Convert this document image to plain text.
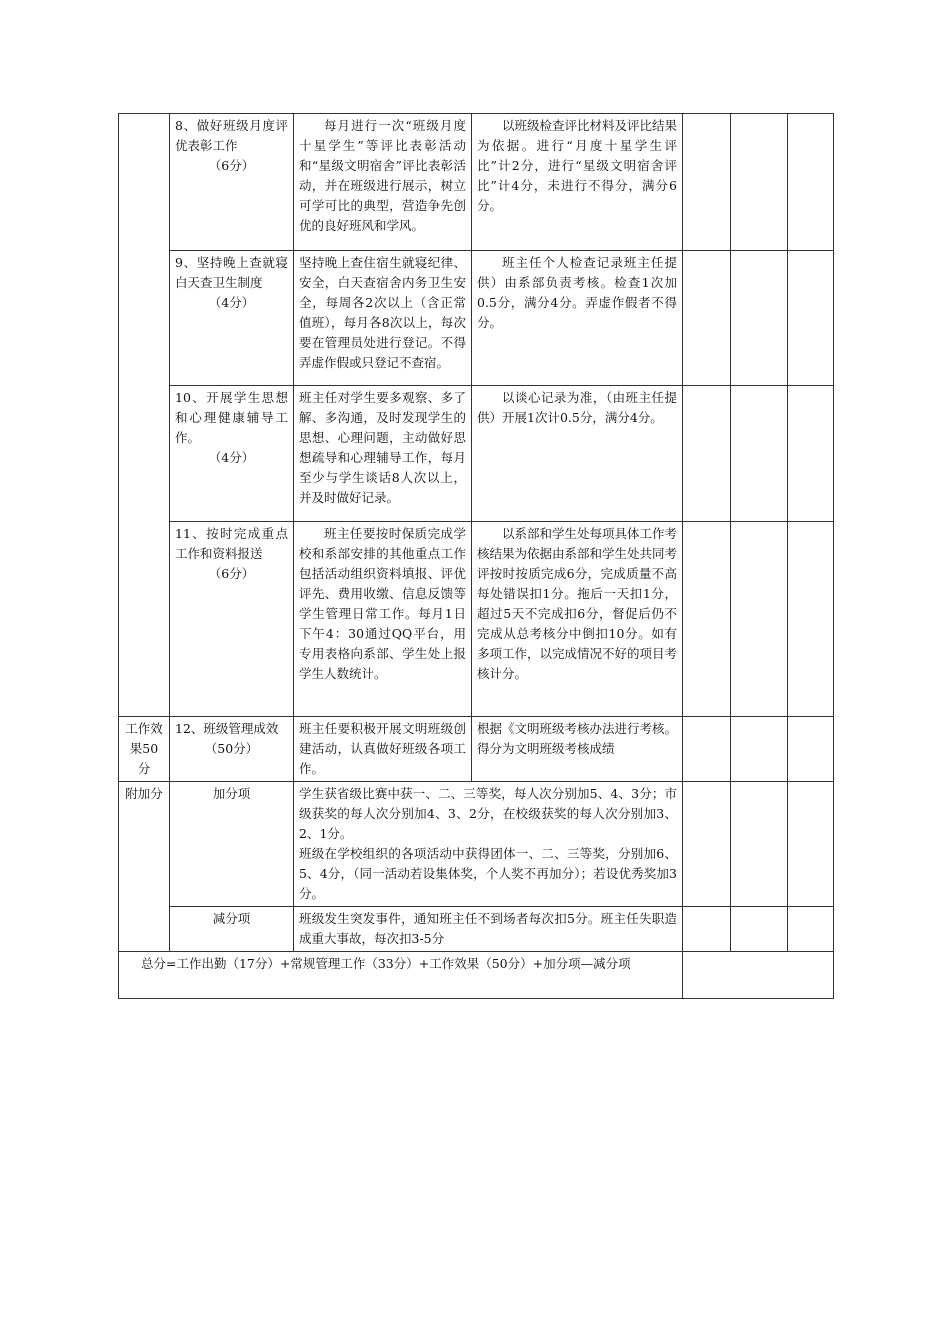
	8、做好班级月度评优表彰工作
（6分）	每月进行一次“班级月度十星学生”等评比表彰活动和“星级文明宿舍”评比表彰活动，并在班级进行展示，树立可学可比的典型，营造争先创优的良好班风和学风。	以班级检查评比材料及评比结果为依据。进行“月度十星学生评比”计2分，进行“星级文明宿舍评比”计4分，未进行不得分，满分6分。			
	9、坚持晚上查就寝白天查卫生制度
（4分）	坚持晚上查住宿生就寝纪律、安全，白天查宿舍内务卫生安全，每周各2次以上（含正常值班），每月各8次以上，每次要在管理员处进行登记。不得弄虚作假或只登记不查宿。	班主任个人检查记录班主任提供）由系部负责考核。检查1次加0.5分，满分4分。弄虚作假者不得分。			
	10、开展学生思想和心理健康辅导工作。
（4分）	班主任对学生要多观察、多了解、多沟通，及时发现学生的思想、心理问题，主动做好思想疏导和心理辅导工作，每月至少与学生谈话8人次以上，并及时做好记录。	以谈心记录为准，（由班主任提供）开展1次计0.5分，满分4分。			
	11、按时完成重点工作和资料报送
（6分）	班主任要按时保质完成学校和系部安排的其他重点工作包括活动组织资料填报、评优评先、费用收缴、信息反馈等学生管理日常工作。每月1日下午4：30通过QQ平台，用专用表格向系部、学生处上报学生人数统计。	以系部和学生处每项具体工作考核结果为依据由系部和学生处共同考评按时按质完成6分，完成质量不高每处错误扣1分。拖后一天扣1分，超过5天不完成扣6分，督促后仍不完成从总考核分中倒扣10分。如有多项工作，以完成情况不好的项目考核计分。			
工作效果50分	12、班级管理成效
（50分）	班主任要积极开展文明班级创建活动，认真做好班级各项工作。	根据《文明班级考核办法进行考核。得分为文明班级考核成绩			
附加分	加分项	学生获省级比赛中获一、二、三等奖，每人次分别加5、4、3分；市级获奖的每人次分别加4、3、2分，在校级获奖的每人次分别加3、2、1分。
班级在学校组织的各项活动中获得团体一、二、三等奖，分别加6、5、4分，（同一活动若设集体奖，个人奖不再加分）；若设优秀奖加3分。				
	减分项	班级发生突发事件，通知班主任不到场者每次扣5分。班主任失职造成重大事故，每次扣3-5分				
总分=工作出勤（17分）+常规管理工作（33分）+工作效果（50分）+加分项—减分项						
